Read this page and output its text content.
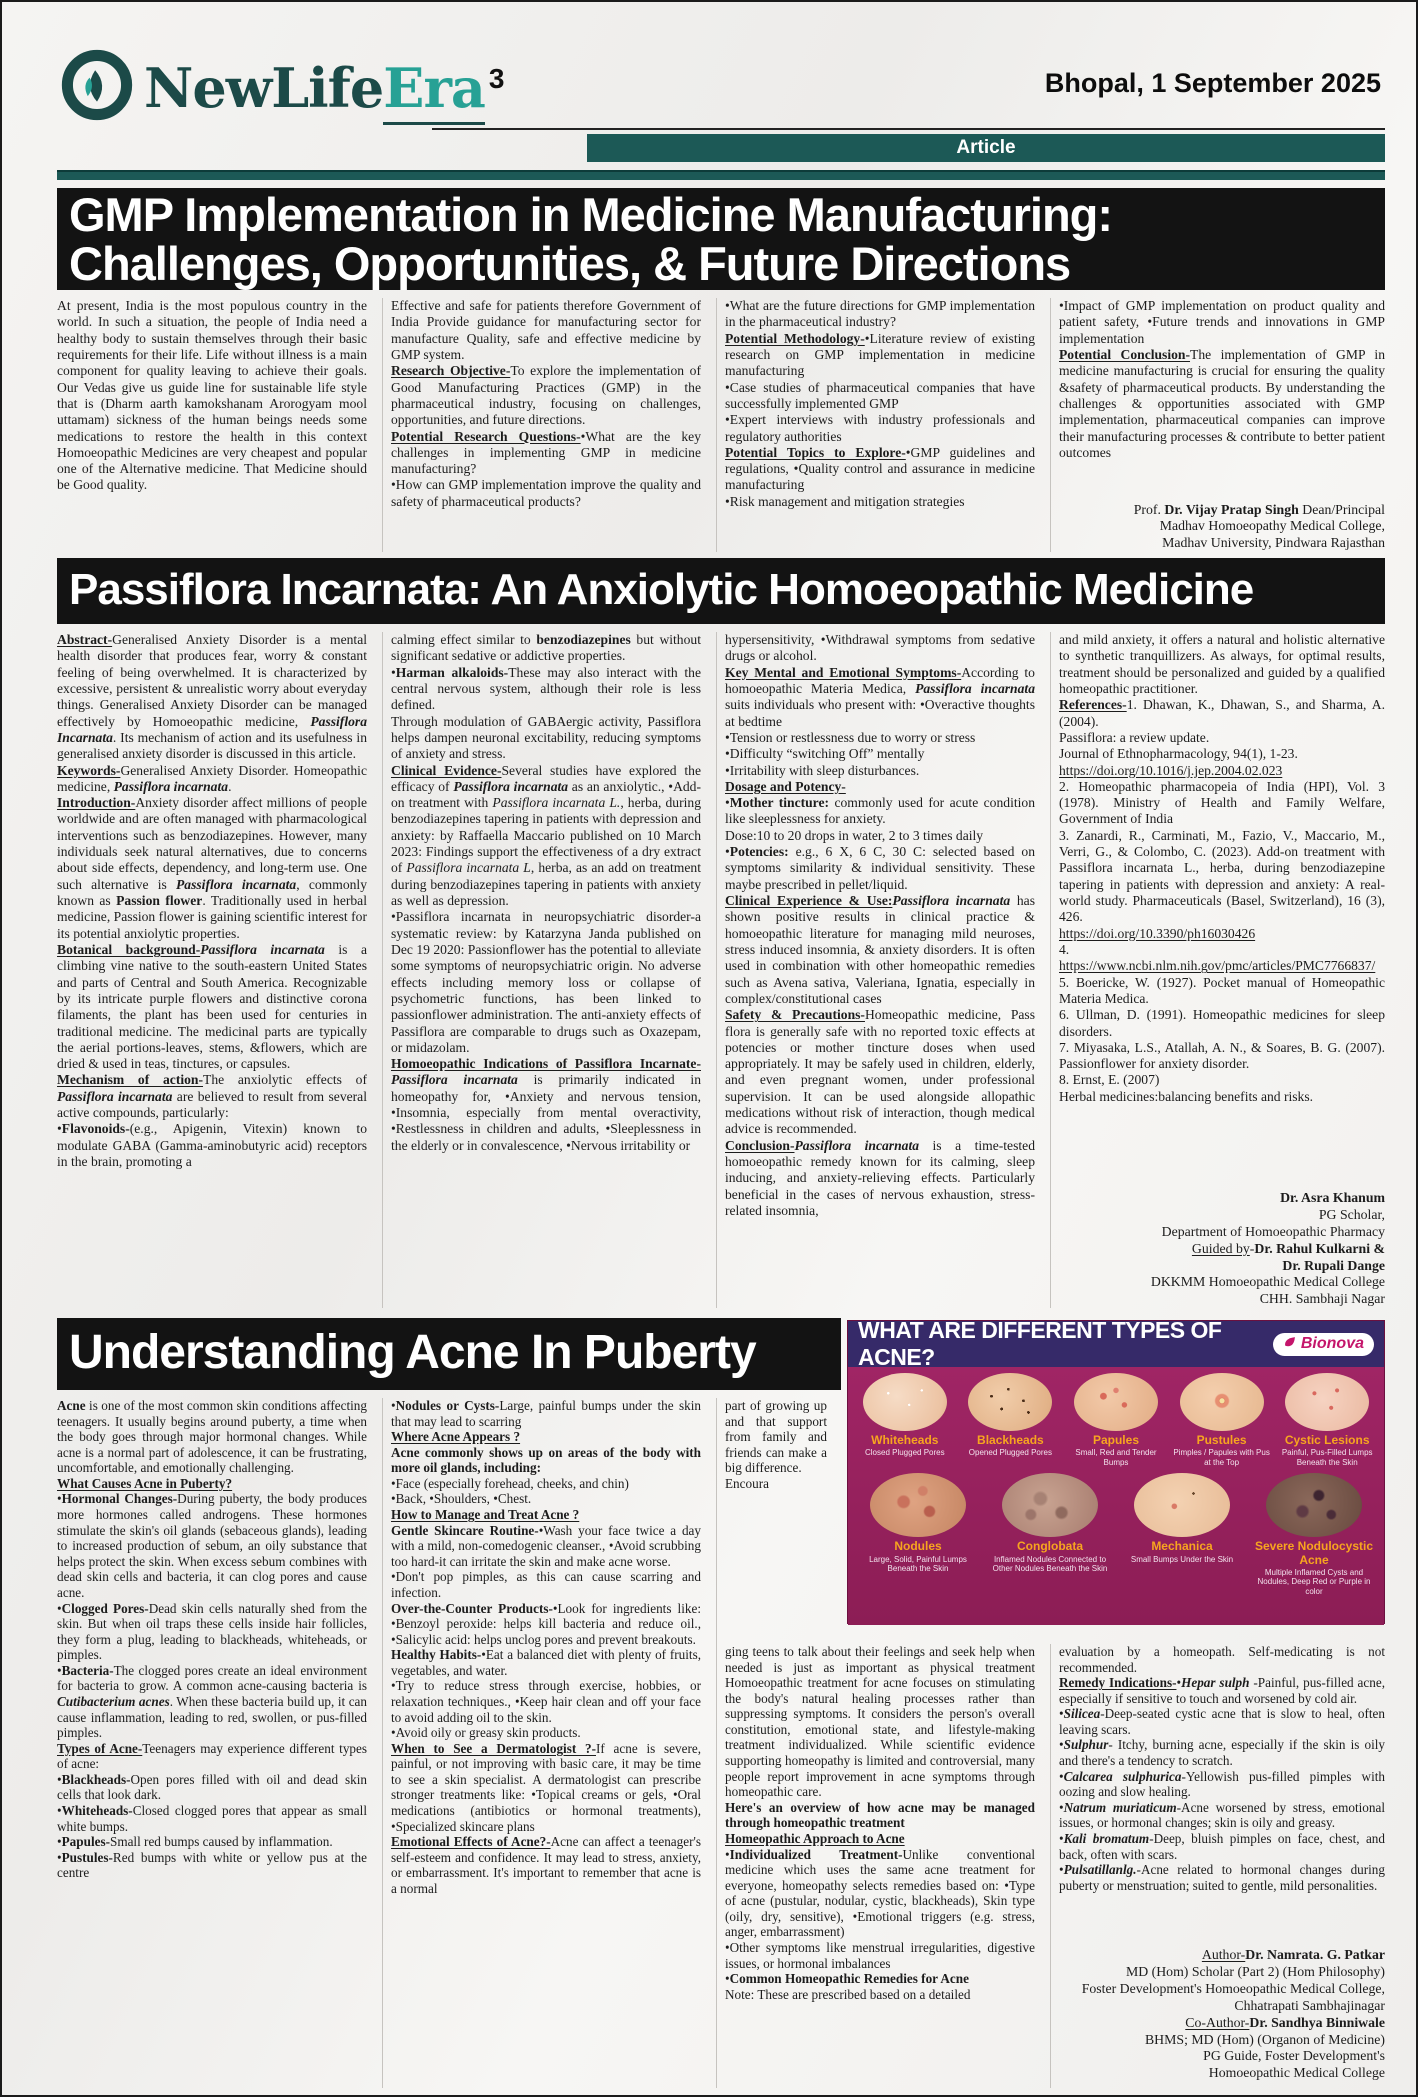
NewLifeEra $^3$	Bhopal, 1 September 2025
Article
GMP Implementation in Medicine Manufacturing:
Challenges, Opportunities, & Future Directions
At present, India is the most populous country in the world. In such a situation, the people of India need a healthy body to sustain themselves through their basic requirements for their life. Life without illness is a main component for quality leaving to achieve their goals. Our Vedas give us guide line for sustainable life style that is (Dharm aarth kamokshanam Arorogyam mool uttamam) sickness of the human beings needs some medications to restore the health in this context Homoeopathic Medicines are very cheapest and popular one of the Alternative medicine. That Medicine should be Good quality.
Effective and safe for patients therefore Government of India Provide guidance for manufacturing sector for manufacture Quality, safe and effective medicine by GMP system.
Research Objective-To explore the implementation of Good Manufacturing Practices (GMP) in the pharmaceutical industry, focusing on challenges, opportunities, and future directions.
Potential Research Questions-•What are the key challenges in implementing GMP in medicine manufacturing?
•How can GMP implementation improve the quality and safety of pharmaceutical products?
•What are the future directions for GMP implementation in the pharmaceutical industry?
Potential Methodology-•Literature review of existing research on GMP implementation in medicine manufacturing
•Case studies of pharmaceutical companies that have successfully implemented GMP
•Expert interviews with industry professionals and regulatory authorities
Potential Topics to Explore-•GMP guidelines and regulations, •Quality control and assurance in medicine manufacturing
•Risk management and mitigation strategies
•Impact of GMP implementation on product quality and patient safety, •Future trends and innovations in GMP implementation
Potential Conclusion-The implementation of GMP in medicine manufacturing is crucial for ensuring the quality &safety of pharmaceutical products. By understanding the challenges & opportunities associated with GMP implementation, pharmaceutical companies can improve their manufacturing processes & contribute to better patient outcomes
Prof. Dr. Vijay Pratap Singh Dean/Principal
Madhav Homoeopathy Medical College,
Madhav University, Pindwara Rajasthan
Passiflora Incarnata: An Anxiolytic Homoeopathic Medicine
Abstract-Generalised Anxiety Disorder is a mental health disorder that produces fear, worry & constant feeling of being overwhelmed. It is characterized by excessive, persistent & unrealistic worry about everyday things. Generalised Anxiety Disorder can be managed effectively by Homoeopathic medicine, Passiflora Incarnata. Its mechanism of action and its usefulness in generalised anxiety disorder is discussed in this article.
Keywords-Generalised Anxiety Disorder. Homeopathic medicine, Passiflora incarnata.
Introduction-Anxiety disorder affect millions of people worldwide and are often managed with pharmacological interventions such as benzodiazepines. However, many individuals seek natural alternatives, due to concerns about side effects, dependency, and long-term use. One such alternative is Passiflora incarnata, commonly known as Passion flower. Traditionally used in herbal medicine, Passion flower is gaining scientific interest for its potential anxiolytic properties.
Botanical background-Passiflora incarnata is a climbing vine native to the south-eastern United States and parts of Central and South America. Recognizable by its intricate purple flowers and distinctive corona filaments, the plant has been used for centuries in traditional medicine. The medicinal parts are typically the aerial portions-leaves, stems, &flowers, which are dried & used in teas, tinctures, or capsules.
Mechanism of action-The anxiolytic effects of Passiflora incarnata are believed to result from several active compounds, particularly:
•Flavonoids-(e.g., Apigenin, Vitexin) known to modulate GABA (Gamma-aminobutyric acid) receptors in the brain, promoting a
calming effect similar to benzodiazepines but without significant sedative or addictive properties.
•Harman alkaloids-These may also interact with the central nervous system, although their role is less defined.
Through modulation of GABAergic activity, Passiflora helps dampen neuronal excitability, reducing symptoms of anxiety and stress.
Clinical Evidence-Several studies have explored the efficacy of Passiflora incarnata as an anxiolytic., •Add-on treatment with Passiflora incarnata L., herba, during benzodiazepines tapering in patients with depression and anxiety: by Raffaella Maccario published on 10 March 2023: Findings support the effectiveness of a dry extract of Passiflora incarnata L, herba, as an add on treatment during benzodiazepines tapering in patients with anxiety as well as depression.
•Passiflora incarnata in neuropsychiatric disorder-a systematic review: by Katarzyna Janda published on Dec 19 2020: Passionflower has the potential to alleviate some symptoms of neuropsychiatric origin. No adverse effects including memory loss or collapse of psychometric functions, has been linked to passionflower administration. The anti-anxiety effects of Passiflora are comparable to drugs such as Oxazepam, or midazolam.
Homoeopathic Indications of Passiflora Incarnate-Passiflora incarnata is primarily indicated in homeopathy for, •Anxiety and nervous tension, •Insomnia, especially from mental overactivity, •Restlessness in children and adults, •Sleeplessness in the elderly or in convalescence, •Nervous irritability or
hypersensitivity, •Withdrawal symptoms from sedative drugs or alcohol.
Key Mental and Emotional Symptoms-According to homoeopathic Materia Medica, Passiflora incarnata suits individuals who present with: •Overactive thoughts at bedtime
•Tension or restlessness due to worry or stress
•Difficulty “switching Off” mentally
•Irritability with sleep disturbances.
Dosage and Potency-
•Mother tincture: commonly used for acute condition like sleeplessness for anxiety.
Dose:10 to 20 drops in water, 2 to 3 times daily
•Potencies: e.g., 6 X, 6 C, 30 C: selected based on symptoms similarity & individual sensitivity. These maybe prescribed in pellet/liquid.
Clinical Experience & Use:Passiflora incarnata has shown positive results in clinical practice & homoeopathic literature for managing mild neuroses, stress induced insomnia, & anxiety disorders. It is often used in combination with other homeopathic remedies such as Avena sativa, Valeriana, Ignatia, especially in complex/constitutional cases
Safety & Precautions-Homeopathic medicine, Pass flora is generally safe with no reported toxic effects at potencies or mother tincture doses when used appropriately. It may be safely used in children, elderly, and even pregnant women, under professional supervision. It can be used alongside allopathic medications without risk of interaction, though medical advice is recommended.
Conclusion-Passiflora incarnata is a time-tested homoeopathic remedy known for its calming, sleep inducing, and anxiety-relieving effects. Particularly beneficial in the cases of nervous exhaustion, stress-related insomnia,
and mild anxiety, it offers a natural and holistic alternative to synthetic tranquillizers. As always, for optimal results, treatment should be personalized and guided by a qualified homeopathic practitioner.
References-1. Dhawan, K., Dhawan, S., and Sharma, A. (2004).
Passiflora: a review update.
Journal of Ethnopharmacology, 94(1), 1-23.
https://doi.org/10.1016/j.jep.2004.02.023
2. Homeopathic pharmacopeia of India (HPI), Vol. 3 (1978). Ministry of Health and Family Welfare, Government of India
3. Zanardi, R., Carminati, M., Fazio, V., Maccario, M., Verri, G., & Colombo, C. (2023). Add-on treatment with Passiflora incarnata L., herba, during benzodiazepine tapering in patients with depression and anxiety: A real-world study. Pharmaceuticals (Basel, Switzerland), 16 (3), 426.
https://doi.org/10.3390/ph16030426
4. https://www.ncbi.nlm.nih.gov/pmc/articles/PMC7766837/
5. Boericke, W. (1927). Pocket manual of Homeopathic Materia Medica.
6. Ullman, D. (1991). Homeopathic medicines for sleep disorders.
7. Miyasaka, L.S., Atallah, A. N., & Soares, B. G. (2007). Passionflower for anxiety disorder.
8. Ernst, E. (2007)
Herbal medicines:balancing benefits and risks.
Dr. Asra Khanum
PG Scholar,
Department of Homoeopathic Pharmacy
Guided by-Dr. Rahul Kulkarni &
Dr. Rupali Dange
DKKMM Homoeopathic Medical College
CHH. Sambhaji Nagar
Understanding Acne In Puberty	WHAT ARE DIFFERENT TYPES OF ACNE?
Bionova
Whiteheads
Closed Plugged Pores
Blackheads
Opened Plugged Pores
Papules
Small, Red and Tender Bumps
Pustules
Pimples / Papules with Pus at the Top
Cystic Lesions
Painful, Pus-Filled Lumps Beneath the Skin
Nodules
Large, Solid, Painful Lumps Beneath the Skin
Conglobata
Inflamed Nodules Connected to Other Nodules Beneath the Skin
Mechanica
Small Bumps Under the Skin
Severe Nodulocystic Acne
Multiple Inflamed Cysts and Nodules, Deep Red or Purple in color
Acne is one of the most common skin conditions affecting teenagers. It usually begins around puberty, a time when the body goes through major hormonal changes. While acne is a normal part of adolescence, it can be frustrating, uncomfortable, and emotionally challenging.
What Causes Acne in Puberty?
•Hormonal Changes-During puberty, the body produces more hormones called androgens. These hormones stimulate the skin's oil glands (sebaceous glands), leading to increased production of sebum, an oily substance that helps protect the skin. When excess sebum combines with dead skin cells and bacteria, it can clog pores and cause acne.
•Clogged Pores-Dead skin cells naturally shed from the skin. But when oil traps these cells inside hair follicles, they form a plug, leading to blackheads, whiteheads, or pimples.
•Bacteria-The clogged pores create an ideal environment for bacteria to grow. A common acne-causing bacteria is Cutibacterium acnes. When these bacteria build up, it can cause inflammation, leading to red, swollen, or pus-filled pimples.
Types of Acne-Teenagers may experience different types of acne:
•Blackheads-Open pores filled with oil and dead skin cells that look dark.
•Whiteheads-Closed clogged pores that appear as small white bumps.
•Papules-Small red bumps caused by inflammation.
•Pustules-Red bumps with white or yellow pus at the centre
•Nodules or Cysts-Large, painful bumps under the skin that may lead to scarring
Where Acne Appears ?
Acne commonly shows up on areas of the body with more oil glands, including:
•Face (especially forehead, cheeks, and chin)
•Back, •Shoulders, •Chest.
How to Manage and Treat Acne ?
Gentle Skincare Routine-•Wash your face twice a day with a mild, non-comedogenic cleanser., •Avoid scrubbing too hard-it can irritate the skin and make acne worse.
•Don't pop pimples, as this can cause scarring and infection.
Over-the-Counter Products-•Look for ingredients like: •Benzoyl peroxide: helps kill bacteria and reduce oil., •Salicylic acid: helps unclog pores and prevent breakouts.
Healthy Habits-•Eat a balanced diet with plenty of fruits, vegetables, and water.
•Try to reduce stress through exercise, hobbies, or relaxation techniques., •Keep hair clean and off your face to avoid adding oil to the skin.
•Avoid oily or greasy skin products.
When to See a Dermatologist ?-If acne is severe, painful, or not improving with basic care, it may be time to see a skin specialist. A dermatologist can prescribe stronger treatments like: •Topical creams or gels, •Oral medications (antibiotics or hormonal treatments), •Specialized skincare plans
Emotional Effects of Acne?-Acne can affect a teenager's self-esteem and confidence. It may lead to stress, anxiety, or embarrassment. It's important to remember that acne is a normal
part of growing up and that support from family and friends can make a big difference.
Encoura
ging teens to talk about their feelings and seek help when needed is just as important as physical treatment Homoeopathic treatment for acne focuses on stimulating the body's natural healing processes rather than suppressing symptoms. It considers the person's overall constitution, emotional state, and lifestyle-making treatment individualized. While scientific evidence supporting homeopathy is limited and controversial, many people report improvement in acne symptoms through homeopathic care.
Here's an overview of how acne may be managed through homeopathic treatment
Homeopathic Approach to Acne
•Individualized Treatment-Unlike conventional medicine which uses the same acne treatment for everyone, homeopathy selects remedies based on: •Type of acne (pustular, nodular, cystic, blackheads), Skin type (oily, dry, sensitive), •Emotional triggers (e.g. stress, anger, embarrassment)
•Other symptoms like menstrual irregularities, digestive issues, or hormonal imbalances
•Common Homeopathic Remedies for Acne
Note: These are prescribed based on a detailed
evaluation by a homeopath. Self-medicating is not recommended.
Remedy Indications-•Hepar sulph -Painful, pus-filled acne, especially if sensitive to touch and worsened by cold air.
•Silicea-Deep-seated cystic acne that is slow to heal, often leaving scars.
•Sulphur- Itchy, burning acne, especially if the skin is oily and there's a tendency to scratch.
•Calcarea sulphurica-Yellowish pus-filled pimples with oozing and slow healing.
•Natrum muriaticum-Acne worsened by stress, emotional issues, or hormonal changes; skin is oily and greasy.
•Kali bromatum-Deep, bluish pimples on face, chest, and back, often with scars.
•Pulsatillanlg.-Acne related to hormonal changes during puberty or menstruation; suited to gentle, mild personalities.
Author-Dr. Namrata. G. Patkar
MD (Hom) Scholar (Part 2) (Hom Philosophy)
Foster Development's Homoeopathic Medical College, Chhatrapati Sambhajinagar
Co-Author-Dr. Sandhya Binniwale
BHMS; MD (Hom) (Organon of Medicine)
PG Guide, Foster Development's
Homoeopathic Medical College
